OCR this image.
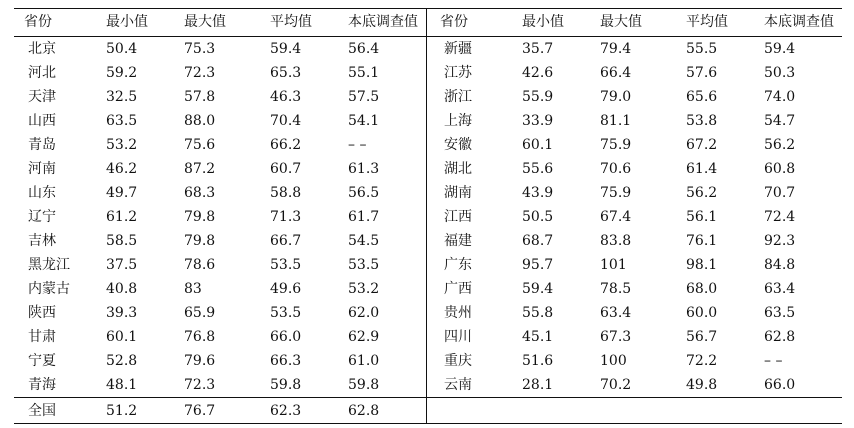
省份	最小值	最大值	平均值	本底调查值		省份	最小值	最大值	平均值	本底调查值
北京	50.4	75.3	59.4	56.4		新疆	35.7	79.4	55.5	59.4
河北	59.2	72.3	65.3	55.1		江苏	42.6	66.4	57.6	50.3
天津	32.5	57.8	46.3	57.5		浙江	55.9	79.0	65.6	74.0
山西	63.5	88.0	70.4	54.1		上海	33.9	81.1	53.8	54.7
青岛	53.2	75.6	66.2	– –		安徽	60.1	75.9	67.2	56.2
河南	46.2	87.2	60.7	61.3		湖北	55.6	70.6	61.4	60.8
山东	49.7	68.3	58.8	56.5		湖南	43.9	75.9	56.2	70.7
辽宁	61.2	79.8	71.3	61.7		江西	50.5	67.4	56.1	72.4
吉林	58.5	79.8	66.7	54.5		福建	68.7	83.8	76.1	92.3
黑龙江	37.5	78.6	53.5	53.5		广东	95.7	101	98.1	84.8
内蒙古	40.8	83	49.6	53.2		广西	59.4	78.5	68.0	63.4
陕西	39.3	65.9	53.5	62.0		贵州	55.8	63.4	60.0	63.5
甘肃	60.1	76.8	66.0	62.9		四川	45.1	67.3	56.7	62.8
宁夏	52.8	79.6	66.3	61.0		重庆	51.6	100	72.2	– –
青海	48.1	72.3	59.8	59.8		云南	28.1	70.2	49.8	66.0
全国	51.2	76.7	62.3	62.8						
